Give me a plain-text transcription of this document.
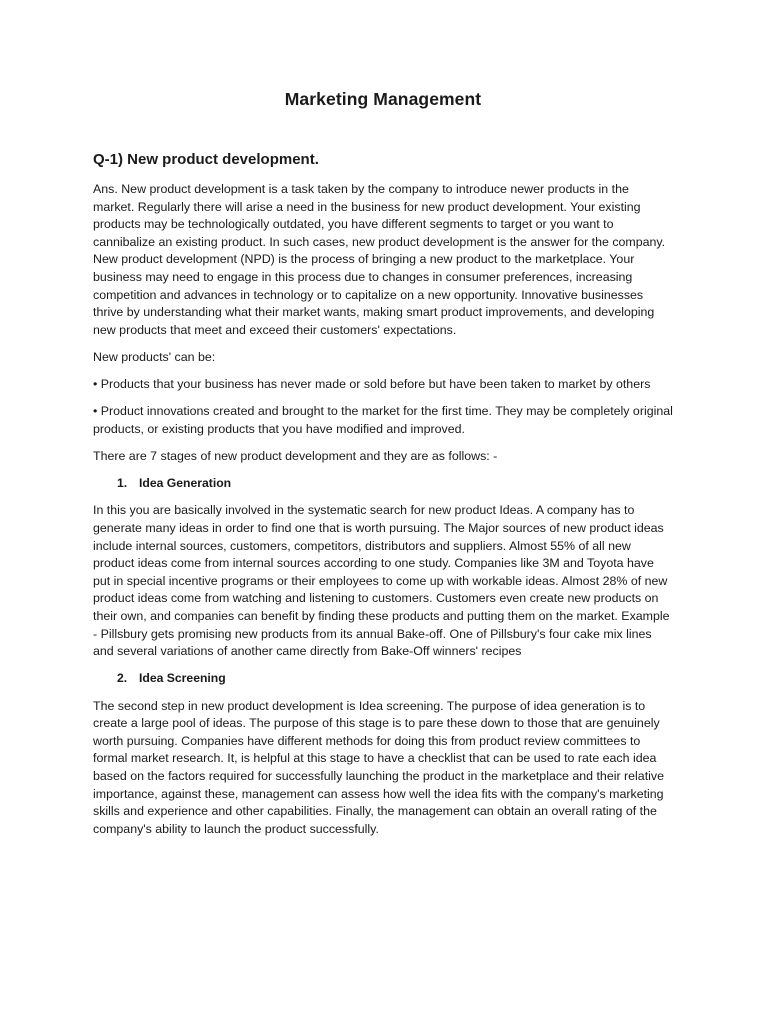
Marketing Management
Q-1) New product development.

Ans. New product development is a task taken by the company to introduce newer products in the market. Regularly there will arise a need in the business for new product development. Your existing products may be technologically outdated, you have different segments to target or you want to cannibalize an existing product. In such cases, new product development is the answer for the company. New product development (NPD) is the process of bringing a new product to the marketplace. Your business may need to engage in this process due to changes in consumer preferences, increasing competition and advances in technology or to capitalize on a new opportunity. Innovative businesses thrive by understanding what their market wants, making smart product improvements, and developing new products that meet and exceed their customers' expectations.

New products' can be:

• Products that your business has never made or sold before but have been taken to market by others

• Product innovations created and brought to the market for the first time. They may be completely original products, or existing products that you have modified and improved.

There are 7 stages of new product development and they are as follows: -

1. Idea Generation

In this you are basically involved in the systematic search for new product Ideas. A company has to generate many ideas in order to find one that is worth pursuing. The Major sources of new product ideas include internal sources, customers, competitors, distributors and suppliers. Almost 55% of all new product ideas come from internal sources according to one study. Companies like 3M and Toyota have put in special incentive programs or their employees to come up with workable ideas. Almost 28% of new product ideas come from watching and listening to customers. Customers even create new products on their own, and companies can benefit by finding these products and putting them on the market. Example - Pillsbury gets promising new products from its annual Bake-off. One of Pillsbury's four cake mix lines and several variations of another came directly from Bake-Off winners' recipes

2. Idea Screening

The second step in new product development is Idea screening. The purpose of idea generation is to create a large pool of ideas. The purpose of this stage is to pare these down to those that are genuinely worth pursuing. Companies have different methods for doing this from product review committees to formal market research. It, is helpful at this stage to have a checklist that can be used to rate each idea based on the factors required for successfully launching the product in the marketplace and their relative importance, against these, management can assess how well the idea fits with the company's marketing skills and experience and other capabilities. Finally, the management can obtain an overall rating of the company's ability to launch the product successfully.
